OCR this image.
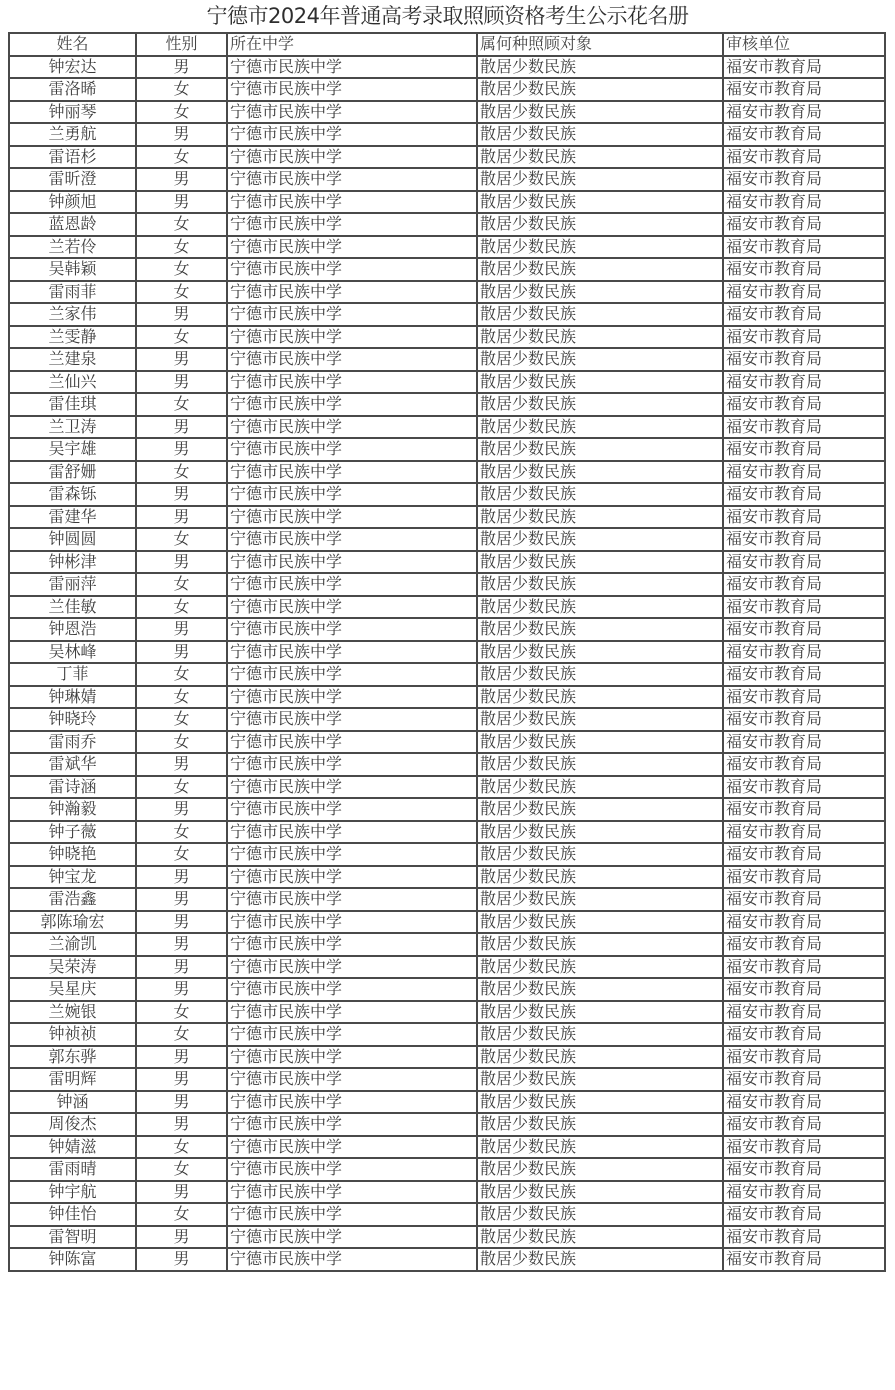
宁德市2024年普通高考录取照顾资格考生公示花名册
姓名	性别	所在中学	属何种照顾对象	审核单位
钟宏达	男	宁德市民族中学	散居少数民族	福安市教育局
雷洛晞	女	宁德市民族中学	散居少数民族	福安市教育局
钟丽琴	女	宁德市民族中学	散居少数民族	福安市教育局
兰勇航	男	宁德市民族中学	散居少数民族	福安市教育局
雷语杉	女	宁德市民族中学	散居少数民族	福安市教育局
雷昕澄	男	宁德市民族中学	散居少数民族	福安市教育局
钟颜旭	男	宁德市民族中学	散居少数民族	福安市教育局
蓝恩龄	女	宁德市民族中学	散居少数民族	福安市教育局
兰若伶	女	宁德市民族中学	散居少数民族	福安市教育局
吴韩颖	女	宁德市民族中学	散居少数民族	福安市教育局
雷雨菲	女	宁德市民族中学	散居少数民族	福安市教育局
兰家伟	男	宁德市民族中学	散居少数民族	福安市教育局
兰雯静	女	宁德市民族中学	散居少数民族	福安市教育局
兰建泉	男	宁德市民族中学	散居少数民族	福安市教育局
兰仙兴	男	宁德市民族中学	散居少数民族	福安市教育局
雷佳琪	女	宁德市民族中学	散居少数民族	福安市教育局
兰卫涛	男	宁德市民族中学	散居少数民族	福安市教育局
吴宇雄	男	宁德市民族中学	散居少数民族	福安市教育局
雷舒姗	女	宁德市民族中学	散居少数民族	福安市教育局
雷森铄	男	宁德市民族中学	散居少数民族	福安市教育局
雷建华	男	宁德市民族中学	散居少数民族	福安市教育局
钟圆圆	女	宁德市民族中学	散居少数民族	福安市教育局
钟彬津	男	宁德市民族中学	散居少数民族	福安市教育局
雷丽萍	女	宁德市民族中学	散居少数民族	福安市教育局
兰佳敏	女	宁德市民族中学	散居少数民族	福安市教育局
钟恩浩	男	宁德市民族中学	散居少数民族	福安市教育局
吴林峰	男	宁德市民族中学	散居少数民族	福安市教育局
丁菲	女	宁德市民族中学	散居少数民族	福安市教育局
钟琳婧	女	宁德市民族中学	散居少数民族	福安市教育局
钟晓玲	女	宁德市民族中学	散居少数民族	福安市教育局
雷雨乔	女	宁德市民族中学	散居少数民族	福安市教育局
雷斌华	男	宁德市民族中学	散居少数民族	福安市教育局
雷诗涵	女	宁德市民族中学	散居少数民族	福安市教育局
钟瀚毅	男	宁德市民族中学	散居少数民族	福安市教育局
钟子薇	女	宁德市民族中学	散居少数民族	福安市教育局
钟晓艳	女	宁德市民族中学	散居少数民族	福安市教育局
钟宝龙	男	宁德市民族中学	散居少数民族	福安市教育局
雷浩鑫	男	宁德市民族中学	散居少数民族	福安市教育局
郭陈瑜宏	男	宁德市民族中学	散居少数民族	福安市教育局
兰渝凯	男	宁德市民族中学	散居少数民族	福安市教育局
吴荣涛	男	宁德市民族中学	散居少数民族	福安市教育局
吴星庆	男	宁德市民族中学	散居少数民族	福安市教育局
兰婉银	女	宁德市民族中学	散居少数民族	福安市教育局
钟祯祯	女	宁德市民族中学	散居少数民族	福安市教育局
郭东骅	男	宁德市民族中学	散居少数民族	福安市教育局
雷明辉	男	宁德市民族中学	散居少数民族	福安市教育局
钟涵	男	宁德市民族中学	散居少数民族	福安市教育局
周俊杰	男	宁德市民族中学	散居少数民族	福安市教育局
钟婧滋	女	宁德市民族中学	散居少数民族	福安市教育局
雷雨晴	女	宁德市民族中学	散居少数民族	福安市教育局
钟宇航	男	宁德市民族中学	散居少数民族	福安市教育局
钟佳怡	女	宁德市民族中学	散居少数民族	福安市教育局
雷智明	男	宁德市民族中学	散居少数民族	福安市教育局
钟陈富	男	宁德市民族中学	散居少数民族	福安市教育局
